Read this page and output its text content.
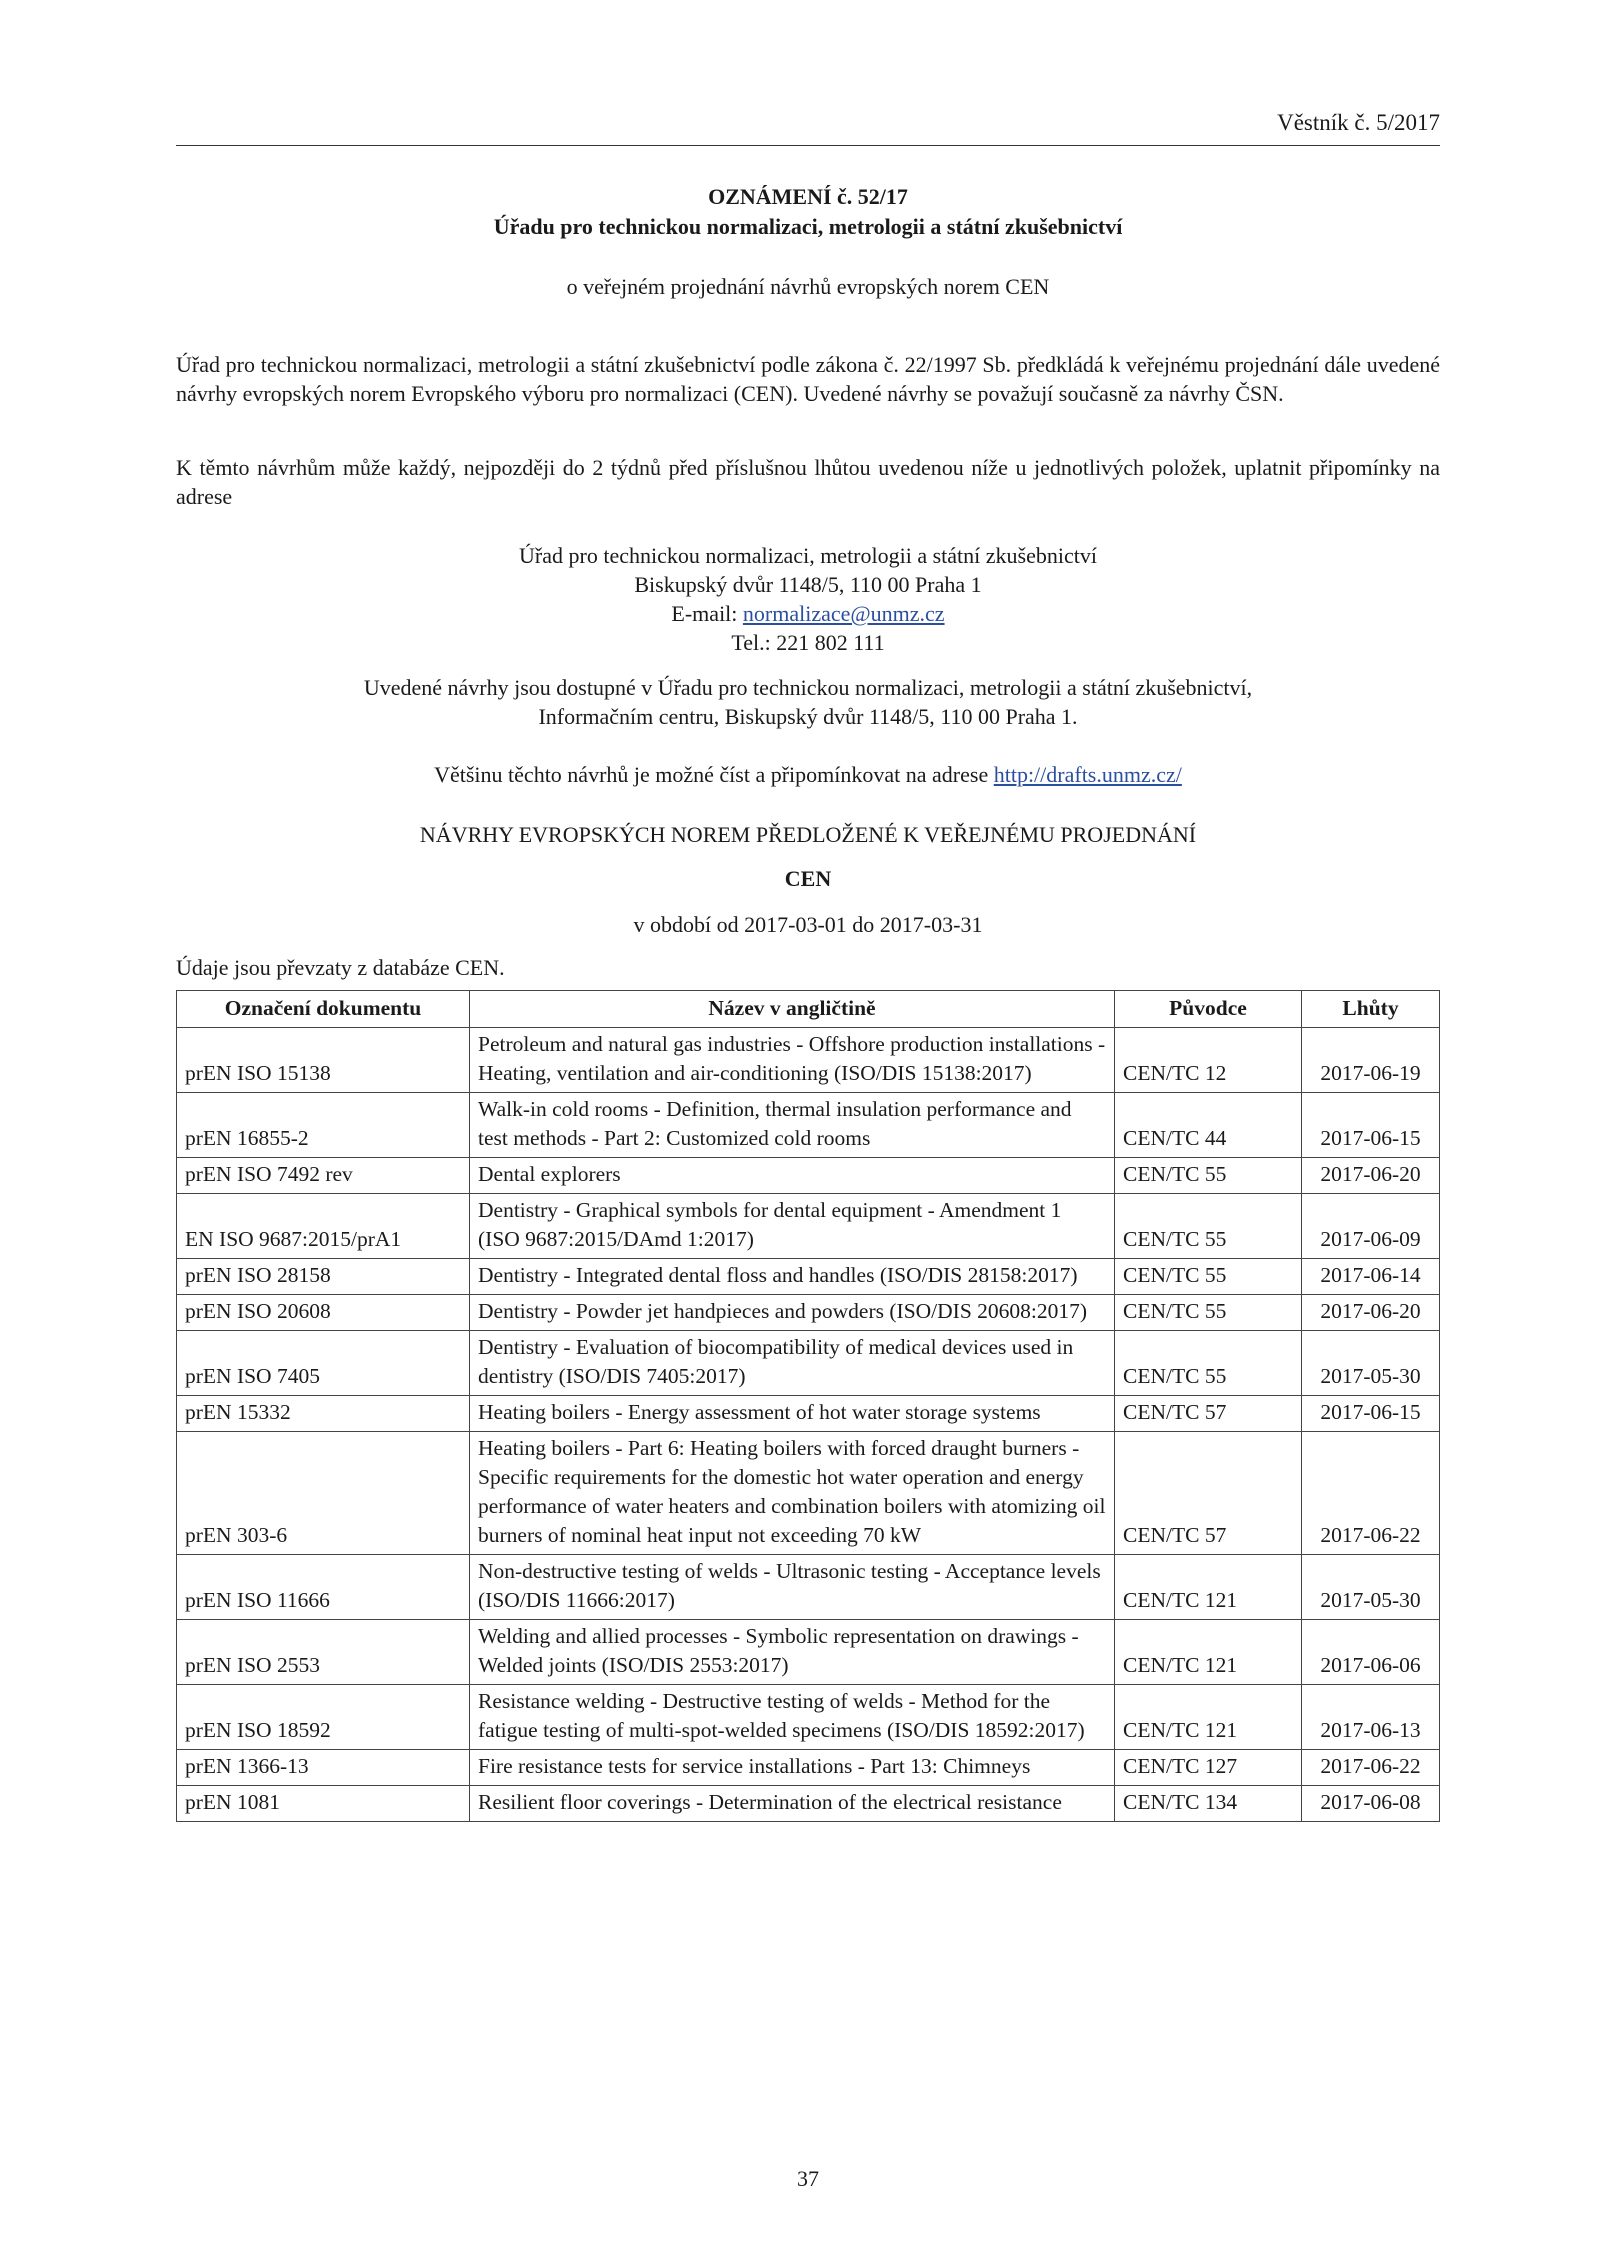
Věstník č. 5/2017
OZNÁMENÍ č. 52/17
Úřadu pro technickou normalizaci, metrologii a státní zkušebnictví
o veřejném projednání návrhů evropských norem CEN
Úřad pro technickou normalizaci, metrologii a státní zkušebnictví podle zákona č. 22/1997 Sb. předkládá k veřejnému projednání dále uvedené návrhy evropských norem Evropského výboru pro normalizaci (CEN). Uvedené návrhy se považují současně za návrhy ČSN.
K těmto návrhům může každý, nejpozději do 2 týdnů před příslušnou lhůtou uvedenou níže u jednotlivých položek, uplatnit připomínky na adrese
Úřad pro technickou normalizaci, metrologii a státní zkušebnictví
Biskupský dvůr 1148/5, 110 00 Praha 1
E-mail: normalizace@unmz.cz
Tel.: 221 802 111
Uvedené návrhy jsou dostupné v Úřadu pro technickou normalizaci, metrologii a státní zkušebnictví,
Informačním centru, Biskupský dvůr 1148/5, 110 00 Praha 1.
Většinu těchto návrhů je možné číst a připomínkovat na adrese http://drafts.unmz.cz/
NÁVRHY EVROPSKÝCH NOREM PŘEDLOŽENÉ K VEŘEJNÉMU PROJEDNÁNÍ
CEN
v období od 2017-03-01 do 2017-03-31
Údaje jsou převzaty z databáze CEN.
Označení dokumentu	Název v angličtině	Původce	Lhůty
prEN ISO 15138	Petroleum and natural gas industries - Offshore production installations - Heating, ventilation and air-conditioning (ISO/DIS 15138:2017)	CEN/TC 12	2017-06-19
prEN 16855-2	Walk-in cold rooms - Definition, thermal insulation performance and test methods - Part 2: Customized cold rooms	CEN/TC 44	2017-06-15
prEN ISO 7492 rev	Dental explorers	CEN/TC 55	2017-06-20
EN ISO 9687:2015/prA1	Dentistry - Graphical symbols for dental equipment - Amendment 1 (ISO 9687:2015/DAmd 1:2017)	CEN/TC 55	2017-06-09
prEN ISO 28158	Dentistry - Integrated dental floss and handles (ISO/DIS 28158:2017)	CEN/TC 55	2017-06-14
prEN ISO 20608	Dentistry - Powder jet handpieces and powders (ISO/DIS 20608:2017)	CEN/TC 55	2017-06-20
prEN ISO 7405	Dentistry - Evaluation of biocompatibility of medical devices used in dentistry (ISO/DIS 7405:2017)	CEN/TC 55	2017-05-30
prEN 15332	Heating boilers - Energy assessment of hot water storage systems	CEN/TC 57	2017-06-15
prEN 303-6	Heating boilers - Part 6: Heating boilers with forced draught burners - Specific requirements for the domestic hot water operation and energy performance of water heaters and combination boilers with atomizing oil burners of nominal heat input not exceeding 70 kW	CEN/TC 57	2017-06-22
prEN ISO 11666	Non-destructive testing of welds - Ultrasonic testing - Acceptance levels (ISO/DIS 11666:2017)	CEN/TC 121	2017-05-30
prEN ISO 2553	Welding and allied processes - Symbolic representation on drawings - Welded joints (ISO/DIS 2553:2017)	CEN/TC 121	2017-06-06
prEN ISO 18592	Resistance welding - Destructive testing of welds - Method for the fatigue testing of multi-spot-welded specimens (ISO/DIS 18592:2017)	CEN/TC 121	2017-06-13
prEN 1366-13	Fire resistance tests for service installations - Part 13: Chimneys	CEN/TC 127	2017-06-22
prEN 1081	Resilient floor coverings - Determination of the electrical resistance	CEN/TC 134	2017-06-08
37
